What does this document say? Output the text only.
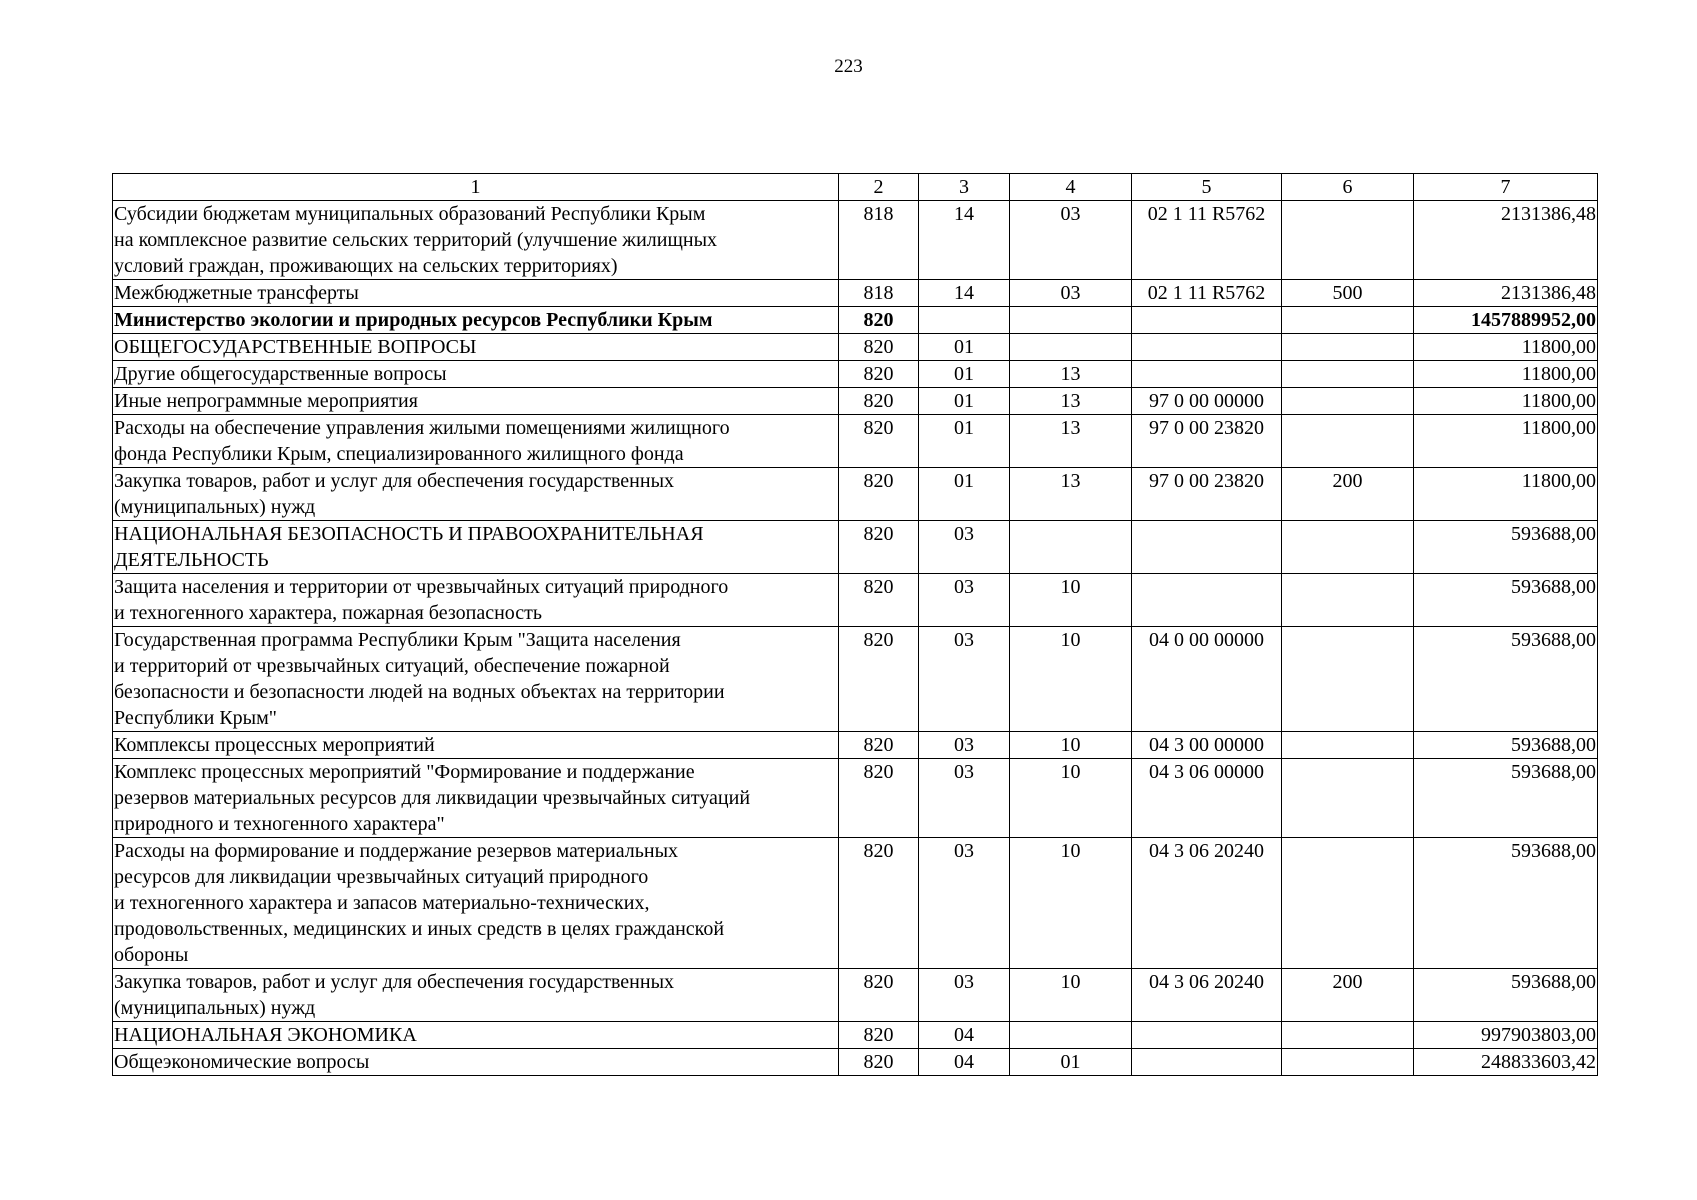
223
1	2	3	4	5	6	7
Субсидии бюджетам муниципальных образований Республики Крым
на комплексное развитие сельских территорий (улучшение жилищных
условий граждан, проживающих на сельских территориях)	818	14	03	02 1 11 R5762		2131386,48
Межбюджетные трансферты	818	14	03	02 1 11 R5762	500	2131386,48
Министерство экологии и природных ресурсов Республики Крым	820					1457889952,00
ОБЩЕГОСУДАРСТВЕННЫЕ ВОПРОСЫ	820	01				11800,00
Другие общегосударственные вопросы	820	01	13			11800,00
Иные непрограммные мероприятия	820	01	13	97 0 00 00000		11800,00
Расходы на обеспечение управления жилыми помещениями жилищного
фонда Республики Крым, специализированного жилищного фонда	820	01	13	97 0 00 23820		11800,00
Закупка товаров, работ и услуг для обеспечения государственных
(муниципальных) нужд	820	01	13	97 0 00 23820	200	11800,00
НАЦИОНАЛЬНАЯ БЕЗОПАСНОСТЬ И ПРАВООХРАНИТЕЛЬНАЯ
ДЕЯТЕЛЬНОСТЬ	820	03				593688,00
Защита населения и территории от чрезвычайных ситуаций природного
и техногенного характера, пожарная безопасность	820	03	10			593688,00
Государственная программа Республики Крым "Защита населения
и территорий от чрезвычайных ситуаций, обеспечение пожарной
безопасности и безопасности людей на водных объектах на территории
Республики Крым"	820	03	10	04 0 00 00000		593688,00
Комплексы процессных мероприятий	820	03	10	04 3 00 00000		593688,00
Комплекс процессных мероприятий "Формирование и поддержание
резервов материальных ресурсов для ликвидации чрезвычайных ситуаций
природного и техногенного характера"	820	03	10	04 3 06 00000		593688,00
Расходы на формирование и поддержание резервов материальных
ресурсов для ликвидации чрезвычайных ситуаций природного
и техногенного характера и запасов материально-технических,
продовольственных, медицинских и иных средств в целях гражданской
обороны	820	03	10	04 3 06 20240		593688,00
Закупка товаров, работ и услуг для обеспечения государственных
(муниципальных) нужд	820	03	10	04 3 06 20240	200	593688,00
НАЦИОНАЛЬНАЯ ЭКОНОМИКА	820	04				997903803,00
Общеэкономические вопросы	820	04	01			248833603,42
